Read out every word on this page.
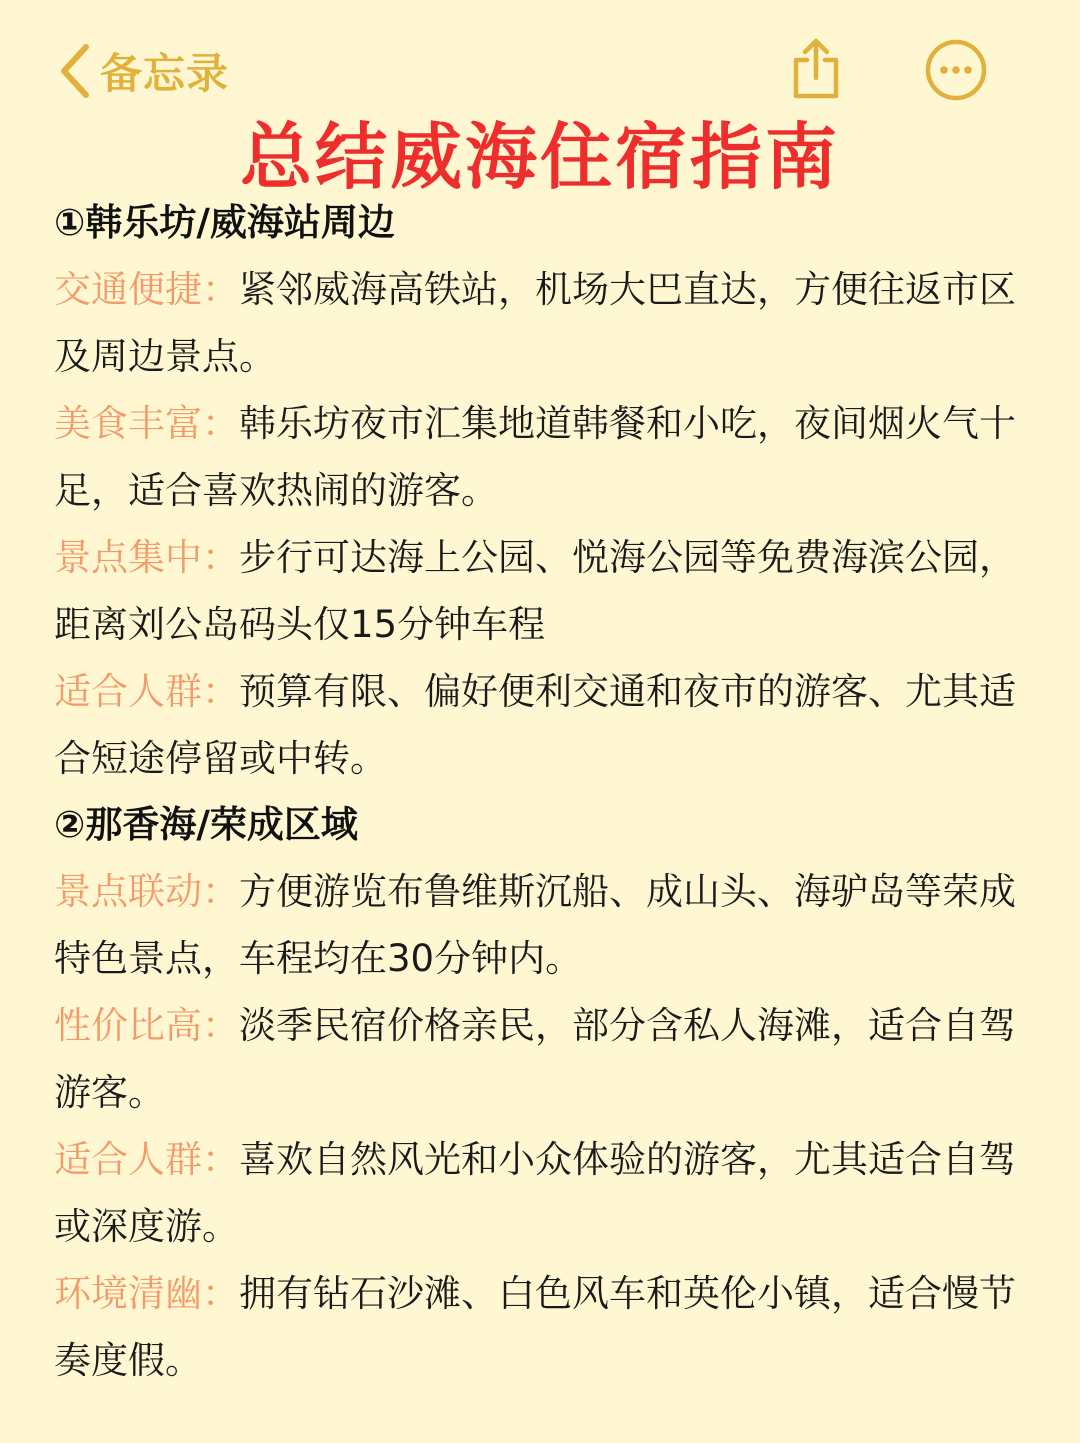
备忘录
总结威海住宿指南
①韩乐坊/威海站周边

交通便捷：紧邻威海高铁站，机场大巴直达，方便往返市区及周边景点。

美食丰富：韩乐坊夜市汇集地道韩餐和小吃，夜间烟火气十足，适合喜欢热闹的游客。

景点集中：步行可达海上公园、悦海公园等免费海滨公园，距离刘公岛码头仅15分钟车程

适合人群：预算有限、偏好便利交通和夜市的游客、尤其适合短途停留或中转。

②那香海/荣成区域

景点联动：方便游览布鲁维斯沉船、成山头、海驴岛等荣成特色景点，车程均在30分钟内。

性价比高：淡季民宿价格亲民，部分含私人海滩，适合自驾游客。

适合人群：喜欢自然风光和小众体验的游客，尤其适合自驾或深度游。

环境清幽：拥有钻石沙滩、白色风车和英伦小镇，适合慢节奏度假。
